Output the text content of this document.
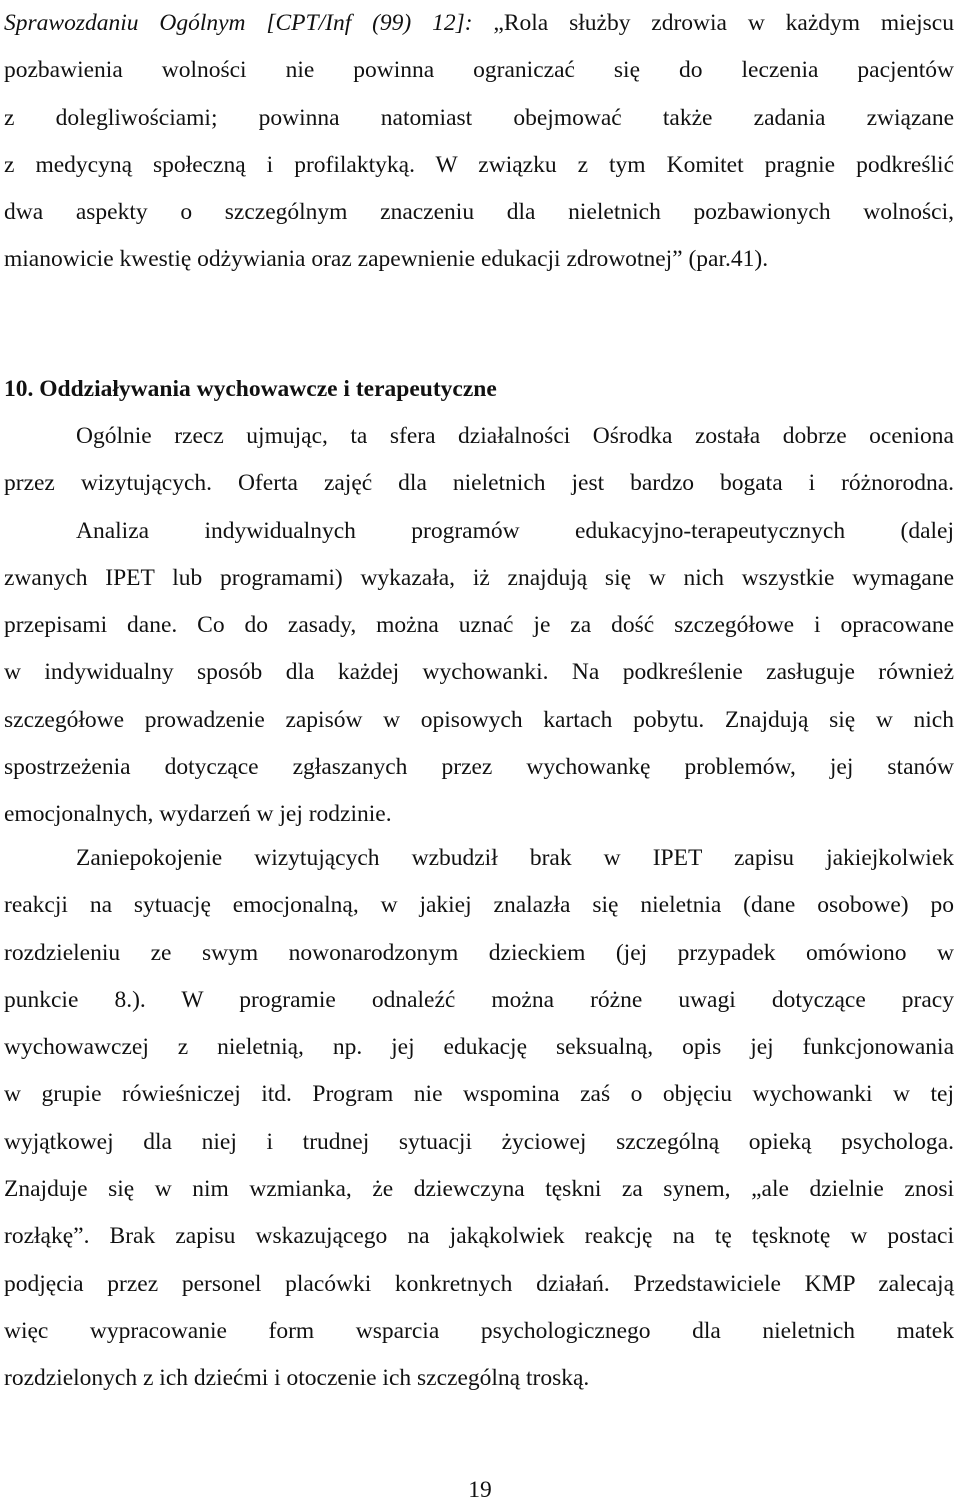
Sprawozdaniu Ogólnym [CPT/Inf (99) 12]: „Rola służby zdrowia w każdym miejscu
pozbawienia wolności nie powinna ograniczać się do leczenia pacjentów
z dolegliwościami; powinna natomiast obejmować także zadania związane
z medycyną społeczną i profilaktyką. W związku z tym Komitet pragnie podkreślić
dwa aspekty o szczególnym znaczeniu dla nieletnich pozbawionych wolności,
mianowicie kwestię odżywiania oraz zapewnienie edukacji zdrowotnej” (par.41).
10. Oddziaływania wychowawcze i terapeutyczne
Ogólnie rzecz ujmując, ta sfera działalności Ośrodka została dobrze oceniona
przez wizytujących. Oferta zajęć dla nieletnich jest bardzo bogata i różnorodna.
Analiza indywidualnych programów edukacyjno-terapeutycznych (dalej
zwanych IPET lub programami) wykazała, iż znajdują się w nich wszystkie wymagane
przepisami dane. Co do zasady, można uznać je za dość szczegółowe i opracowane
w indywidualny sposób dla każdej wychowanki. Na podkreślenie zasługuje również
szczegółowe prowadzenie zapisów w opisowych kartach pobytu. Znajdują się w nich
spostrzeżenia dotyczące zgłaszanych przez wychowankę problemów, jej stanów
emocjonalnych, wydarzeń w jej rodzinie.
Zaniepokojenie wizytujących wzbudził brak w IPET zapisu jakiejkolwiek
reakcji na sytuację emocjonalną, w jakiej znalazła się nieletnia (dane osobowe) po
rozdzieleniu ze swym nowonarodzonym dzieckiem (jej przypadek omówiono w
punkcie 8.). W programie odnaleźć można różne uwagi dotyczące pracy
wychowawczej z nieletnią, np. jej edukację seksualną, opis jej funkcjonowania
w grupie rówieśniczej itd. Program nie wspomina zaś o objęciu wychowanki w tej
wyjątkowej dla niej i trudnej sytuacji życiowej szczególną opieką psychologa.
Znajduje się w nim wzmianka, że dziewczyna tęskni za synem, „ale dzielnie znosi
rozłąkę”. Brak zapisu wskazującego na jakąkolwiek reakcję na tę tęsknotę w postaci
podjęcia przez personel placówki konkretnych działań. Przedstawiciele KMP zalecają
więc wypracowanie form wsparcia psychologicznego dla nieletnich matek
rozdzielonych z ich dziećmi i otoczenie ich szczególną troską.
19
